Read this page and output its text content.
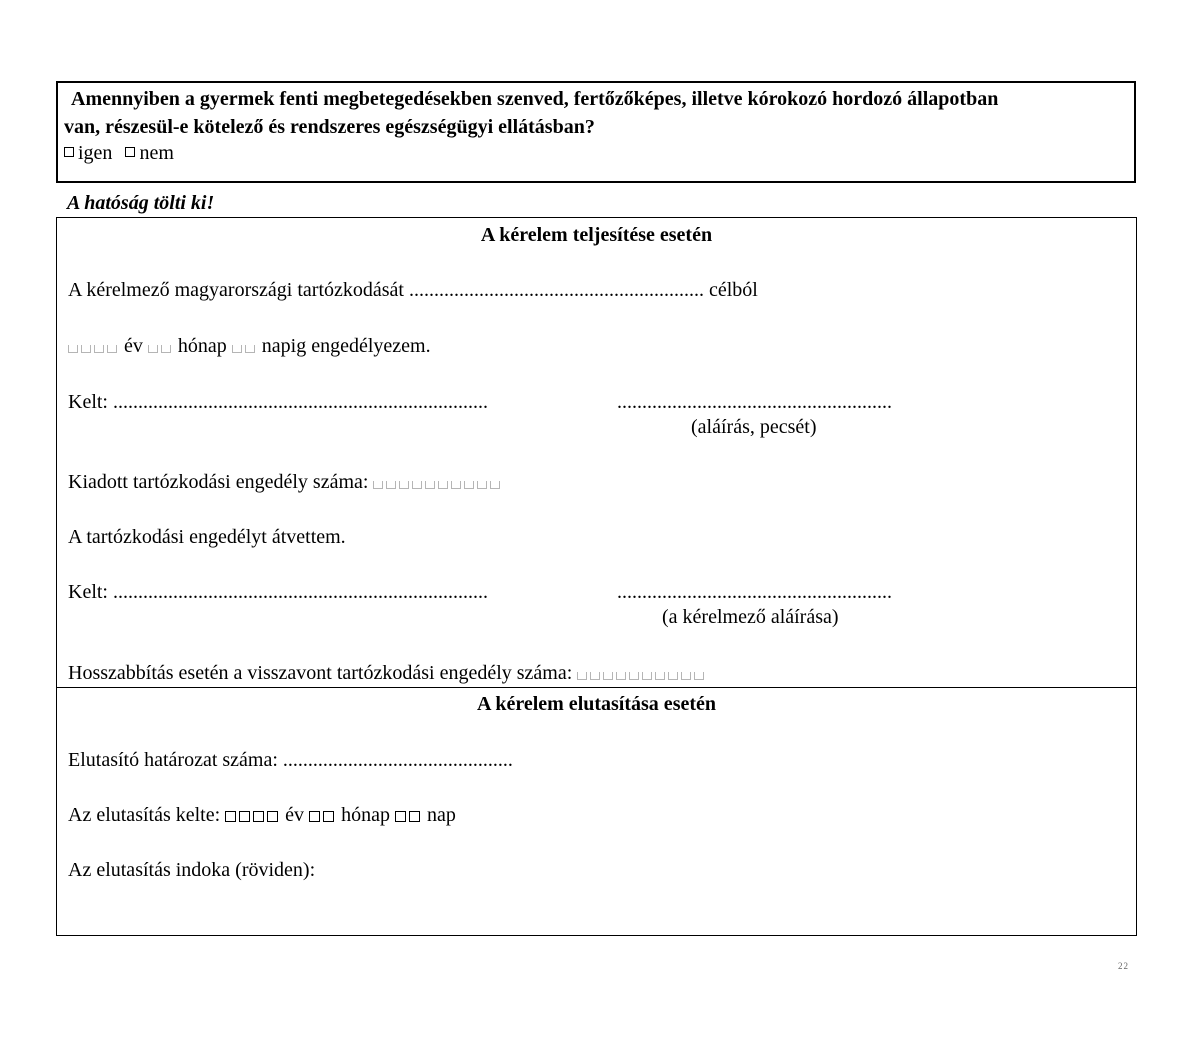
Amennyiben a gyermek fenti megbetegedésekben szenved, fertőzőképes, illetve kórokozó hordozó állapotban
van, részesül-e kötelező és rendszeres egészségügyi ellátásban?

igen nem

A hatóság tölti ki!

A kérelem teljesítése esetén

A kérelmező magyarországi tartózkodását ........................................................... célból

év hónap napig engedélyezem.

Kelt: ...........................................................................	.......................................................

(aláírás, pecsét)

Kiadott tartózkodási engedély száma:

A tartózkodási engedélyt átvettem.

Kelt: ...........................................................................	.......................................................

(a kérelmező aláírása)

Hosszabbítás esetén a visszavont tartózkodási engedély száma:

A kérelem elutasítása esetén

Elutasító határozat száma: ..............................................

Az elutasítás kelte:	év hónap nap

Az elutasítás indoka (röviden):

22
